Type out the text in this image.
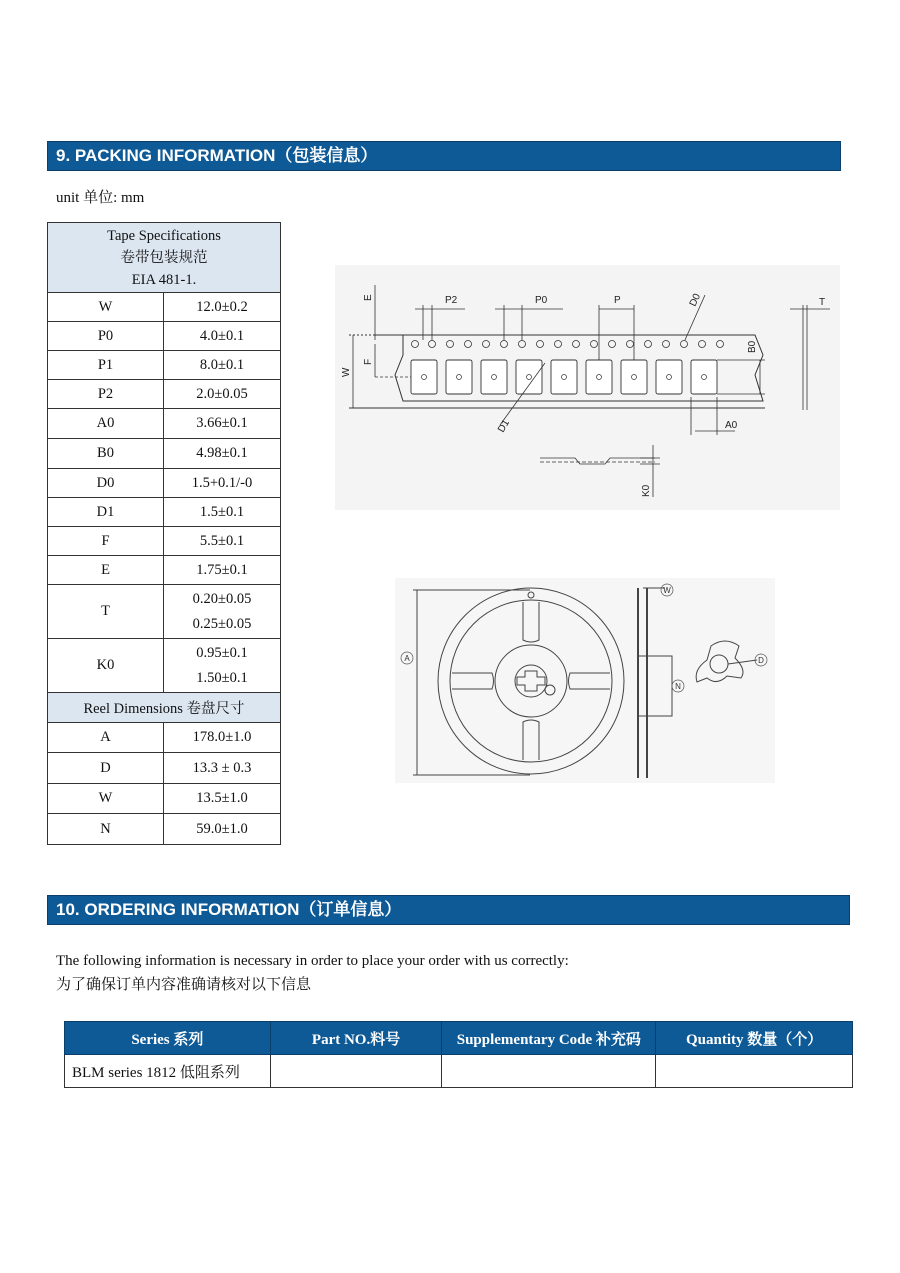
9. PACKING INFORMATION（包装信息）
unit 单位: mm
Tape Specifications
卷带包装规范
EIA 481-1.	

W	12.0±0.2
P0	4.0±0.1
P1	8.0±0.1
P2	2.0±0.05
A0	3.66±0.1
B0	4.98±0.1
D0	1.5+0.1/-0
D1	1.5±0.1
F	5.5±0.1
E	1.75±0.1
T	0.20±0.05
0.25±0.05

K0	0.95±0.1
1.50±0.1

Reel Dimensions 卷盘尺寸	
A	178.0±1.0
D	13.3 ± 0.3
W	13.5±1.0
N	59.0±1.0
P2	P0	P	D0	T
E
F
W
B0
D1	A0
K0
A
W
N
D
10. ORDERING INFORMATION（订单信息）
The following information is necessary in order to place your order with us correctly:
为了确保订单内容准确请核对以下信息
Series 系列	Part NO.料号	Supplementary Code 补充码	Quantity 数量（个）
BLM series 1812 低阻系列			
